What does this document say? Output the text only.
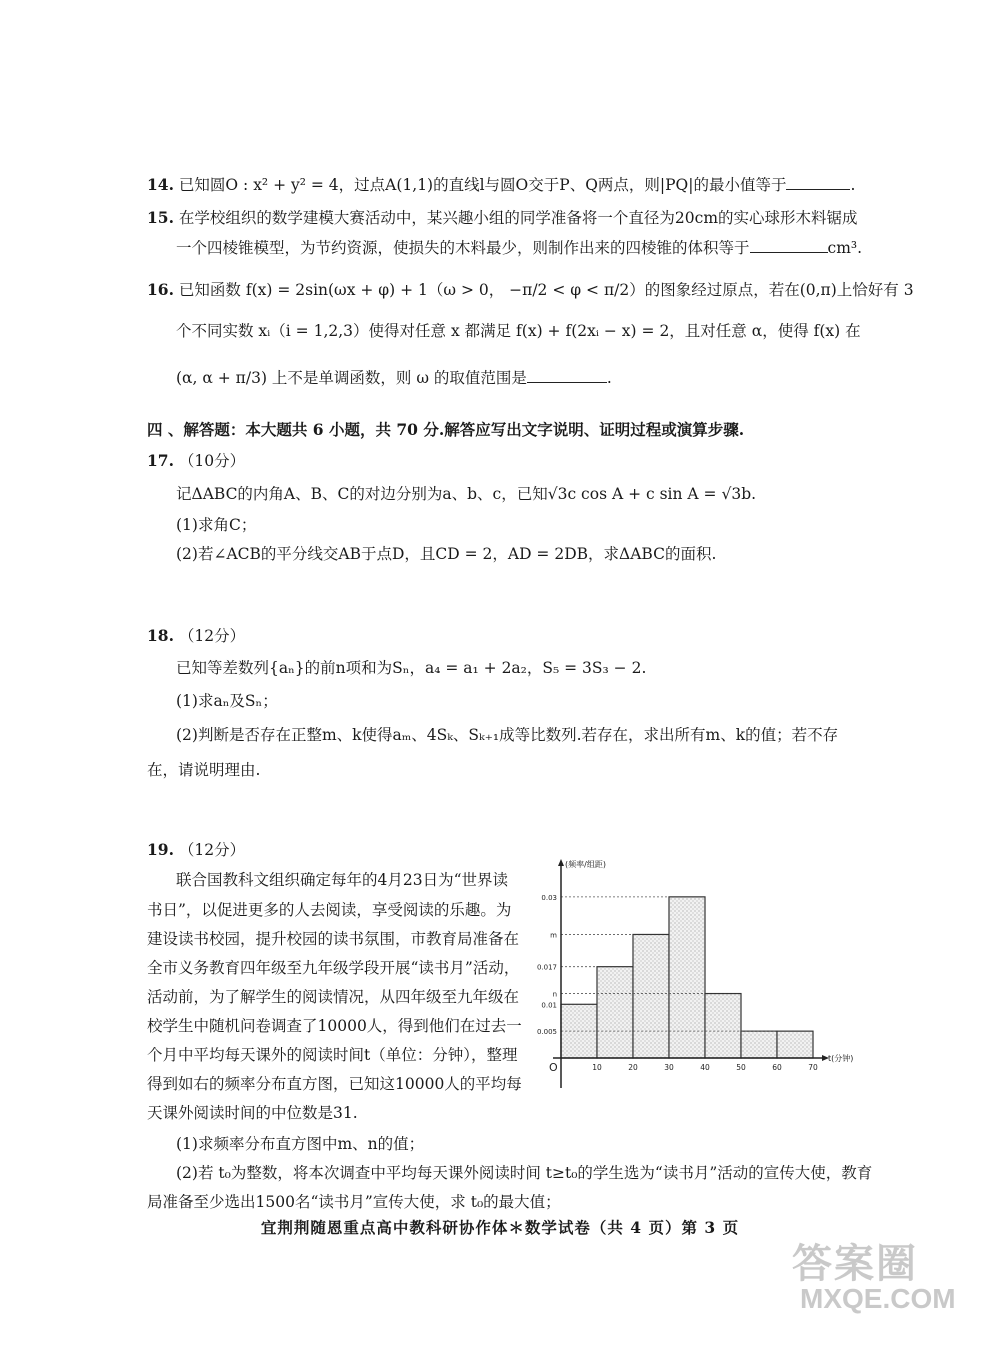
14. 已知圆O : x² + y² = 4，过点A(1,1)的直线l与圆O交于P、Q两点，则|PQ|的最小值等于	.
15. 在学校组织的数学建模大赛活动中，某兴趣小组的同学准备将一个直径为20cm的实心球形木料锯成
一个四棱锥模型，为节约资源，使损失的木料最少，则制作出来的四棱锥的体积等于	cm³.
16. 已知函数 f(x) = 2sin(ωx + φ) + 1（ω > 0， −π/2 < φ < π/2）的图象经过原点，若在(0,π)上恰好有 3
个不同实数 xᵢ（i = 1,2,3）使得对任意 x 都满足 f(x) + f(2xᵢ − x) = 2，且对任意 α，使得 f(x) 在
(α, α + π/3) 上不是单调函数，则 ω 的取值范围是	.
四 、解答题：本大题共 6 小题，共 70 分.解答应写出文字说明、证明过程或演算步骤.
17. （10分）
记ΔABC的内角A、B、C的对边分别为a、b、c，已知√3c cos A + c sin A = √3b.
(1)求角C；
(2)若∠ACB的平分线交AB于点D，且CD = 2，AD = 2DB，求ΔABC的面积.
18. （12分）
已知等差数列{aₙ}的前n项和为Sₙ，a₄ = a₁ + 2a₂，S₅ = 3S₃ − 2.
(1)求aₙ及Sₙ；
(2)判断是否存在正整m、k使得aₘ、4Sₖ、Sₖ₊₁成等比数列.若存在，求出所有m、k的值；若不存
在，请说明理由.
19. （12分）
联合国教科文组织确定每年的4月23日为“世界读
书日”，以促进更多的人去阅读，享受阅读的乐趣。为
建设读书校园，提升校园的读书氛围，市教育局准备在
全市义务教育四年级至九年级学段开展“读书月”活动，
活动前，为了解学生的阅读情况，从四年级至九年级在
校学生中随机问卷调查了10000人，得到他们在过去一
个月中平均每天课外的阅读时间t（单位：分钟），整理
得到如右的频率分布直方图，已知这10000人的平均每
天课外阅读时间的中位数是31.
(1)求频率分布直方图中m、n的值；
(2)若 t₀为整数，将本次调查中平均每天课外阅读时间 t≥t₀的学生选为“读书月”活动的宣传大使，教育
局准备至少选出1500名“读书月”宣传大使，求 t₀的最大值；
0.03
m
0.017
n
0.01
0.005
10	20	30	40	50	60	70
(频率/组距)
t(分钟)
O
宜荆荆随恩重点高中教科研协作体＊数学试卷（共 4 页）第 3 页
答案圈
MXQE.COM
